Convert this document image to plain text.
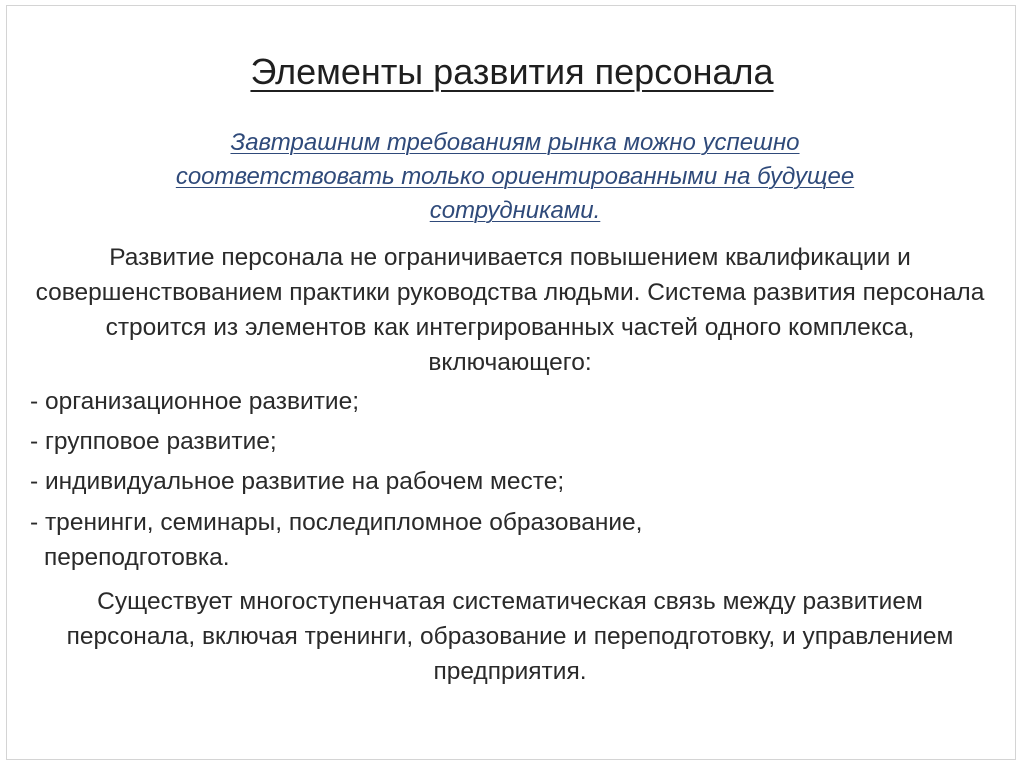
Элементы развития персонала
Завтрашним требованиям рынка можно успешно соответствовать только ориентированными на будущее сотрудниками.
Развитие персонала не ограничивается повышением квалификации и совершенствованием практики руководства людьми. Система развития персонала строится из элементов как интегрированных частей одного комплекса, включающего:
- организационное развитие;
- групповое развитие;
- индивидуальное развитие на рабочем месте;
- тренинги, семинары, последипломное образование,
переподготовка.
Существует многоступенчатая систематическая связь между развитием персонала, включая тренинги, образование и переподготовку, и управлением предприятия.
